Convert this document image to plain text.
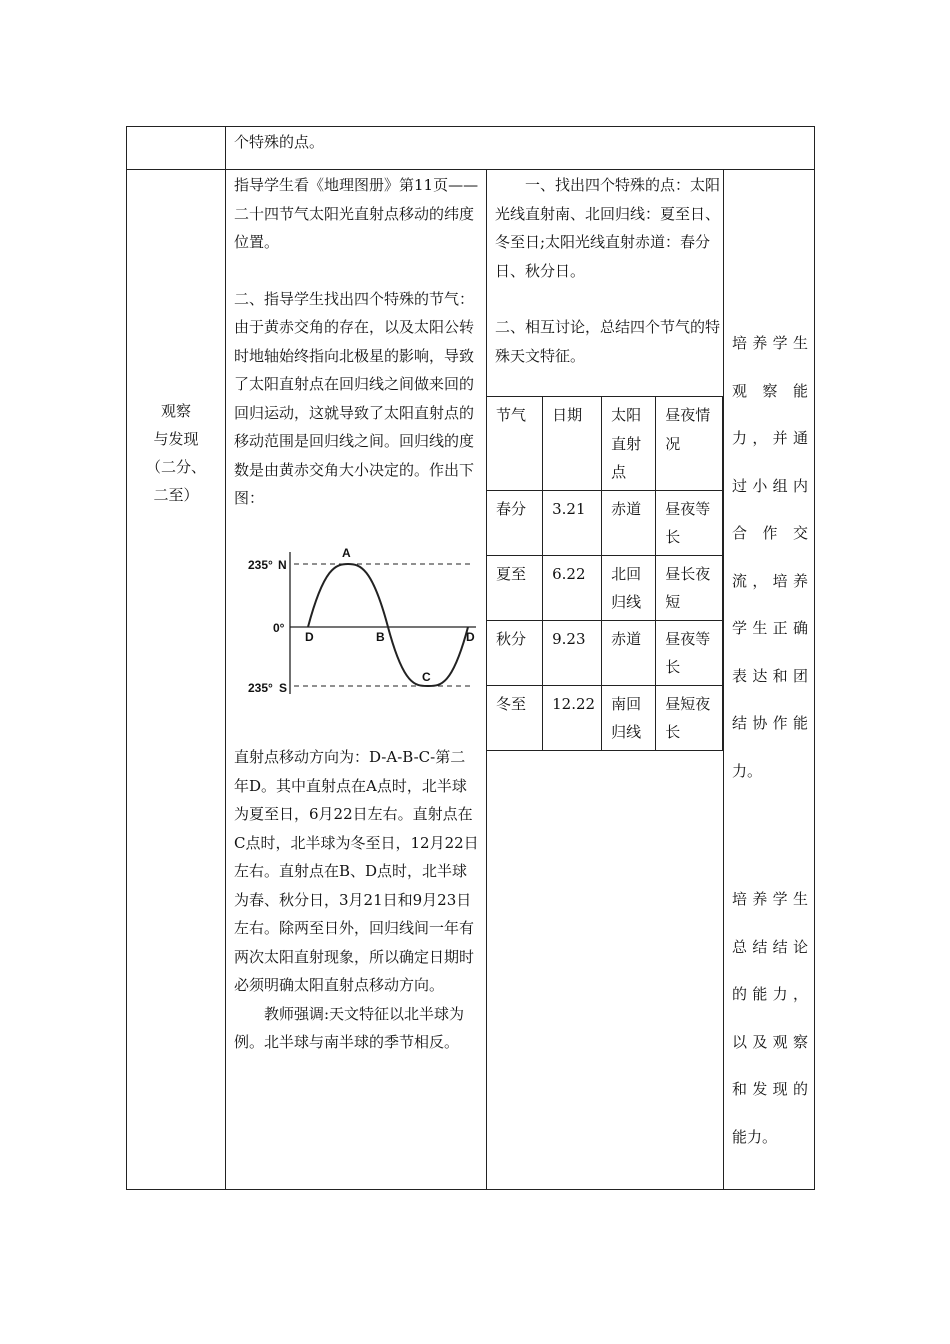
个特殊的点。
观察
与发现
（二分、
二至）

指导学生看《地理图册》第11页——二十四节气太阳光直射点移动的纬度位置。

二、指导学生找出四个特殊的节气：

由于黄赤交角的存在，以及太阳公转时地轴始终指向北极星的影响，导致了太阳直射点在回归线之间做来回的回归运动，这就导致了太阳直射点的移动范围是回归线之间。回归线的度数是由黄赤交角大小决定的。作出下图：

235° N
0°
235° S
A
D	B
C
D

直射点移动方向为：D-A-B-C-第二年D。其中直射点在A点时，北半球为夏至日，6月22日左右。直射点在C点时，北半球为冬至日，12月22日左右。直射点在B、D点时，北半球为春、秋分日，3月21日和9月23日左右。除两至日外，回归线间一年有两次太阳直射现象，所以确定日期时必须明确太阳直射点移动方向。

教师强调:天文特征以北半球为例。北半球与南半球的季节相反。

一、找出四个特殊的点：太阳光线直射南、北回归线：夏至日、冬至日;太阳光线直射赤道：春分日、秋分日。

二、相互讨论，总结四个节气的特殊天文特征。

节气	日期	太阳直射点	昼夜情况
春分	3.21	赤道	昼夜等长
夏至	6.22	北回归线	昼长夜短
秋分	9.23	赤道	昼夜等长
冬至	12.22	南回归线	昼短夜长
培养学生
观察能
力，并通
过小组内
合作交
流，培养
学生正确
表达和团
结协作能
力。
培养学生
总结结论
的能力，
以及观察
和发现的
能力。
